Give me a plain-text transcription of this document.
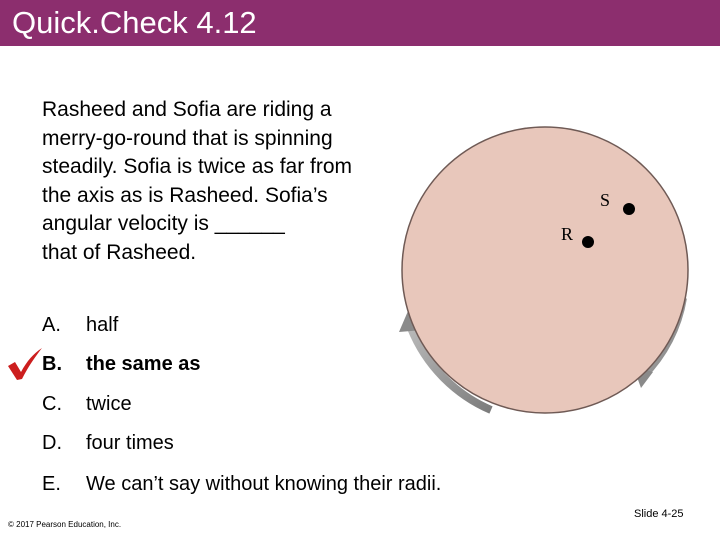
Quick.Check 4.12
Rasheed and Sofia are riding a
merry-go-round that is spinning
steadily. Sofia is twice as far from
the axis as is Rasheed. Sofia’s
angular velocity is ______
that of Rasheed.
A. half
B. the same as
C. twice
D. four times
E. We can’t say without knowing their radii.
S
R
© 2017 Pearson Education, Inc.
Slide 4-25
